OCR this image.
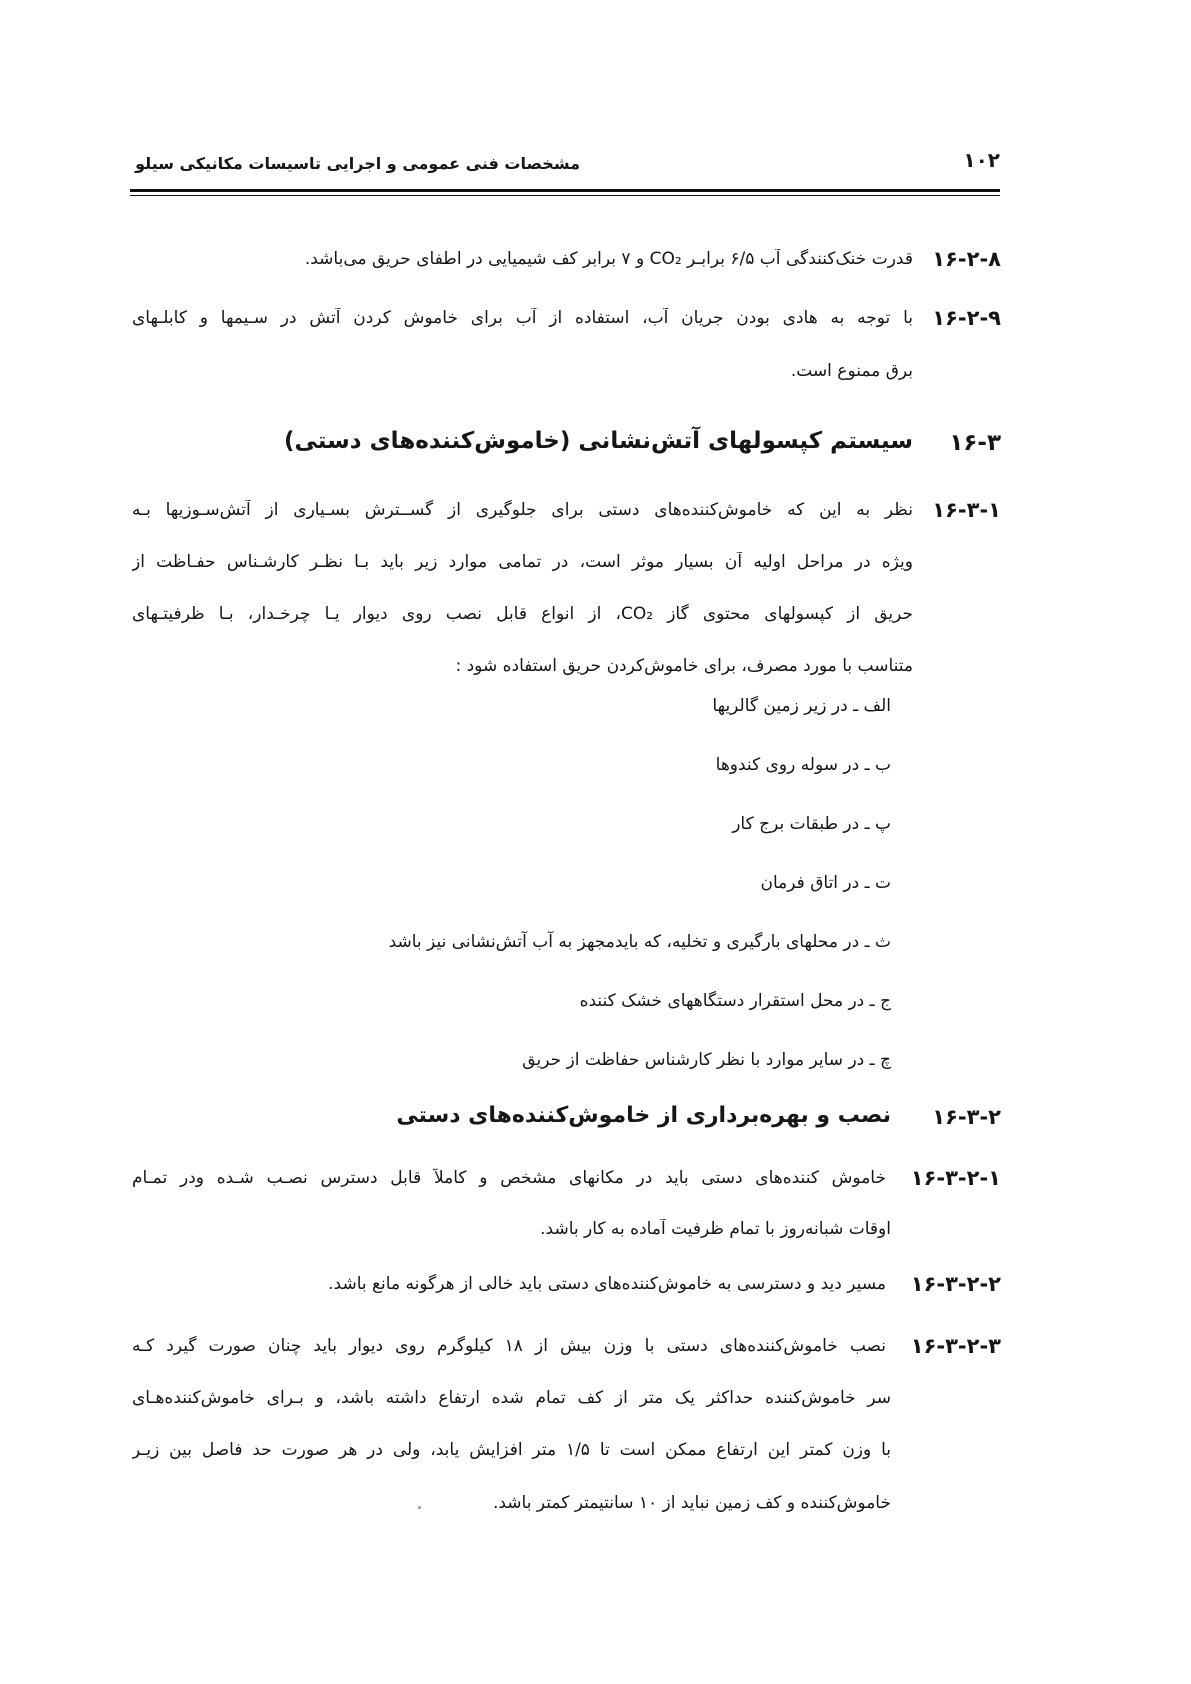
مشخصات فنی عمومی و اجرایی تاسیسات مکانیکی سیلو	۱۰۲
۱۶-۲-۸
قدرت خنک‌کنندگی آب ۶/۵ برابـر CO₂ و ۷ برابر کف شیمیایی در اطفای حریق می‌باشد.
۱۶-۲-۹
با توجه به هادی بودن جریان آب، استفاده از آب برای خاموش کردن آتش در سـیمها و کابلـهای
برق ممنوع است.
۱۶-۳
سیستم کپسولهای آتش‌نشانی (خاموش‌کننده‌های دستی)
۱۶-۳-۱
نظر به این که خاموش‌کننده‌های دستی برای جلوگیری از گســترش بسـیاری از آتش‌سـوزیها بـه
ویژه در مراحل اولیه آن بسیار موثر است، در تمامی موارد زیر باید بـا نظـر کارشـناس حفـاظت از
حریق از کپسولهای محتوی گاز CO₂، از انواع قابل نصب روی دیوار یـا چرخـدار، بـا ظرفیتـهای
متناسب با مورد مصرف، برای خاموش‌کردن حریق استفاده شود :
الف ـ در زیر زمین گالریها
ب ـ در سوله روی کندوها
پ ـ در طبقات برج کار
ت ـ در اتاق فرمان
ث ـ در محلهای بارگیری و تخلیه، که بایدمجهز به آب آتش‌نشانی نیز باشد
ج ـ در محل استقرار دستگاههای خشک کننده
چ ـ در سایر موارد با نظر کارشناس حفاظت از حریق
۱۶-۳-۲
نصب و بهره‌برداری از خاموش‌کننده‌های دستی
۱۶-۳-۲-۱
خاموش کننده‌های دستی باید در مکانهای مشخص و کاملاً قابل دسترس نصـب شـده ودر تمـام
اوقات شبانه‌روز با تمام ظرفیت آماده به کار باشد.
۱۶-۳-۲-۲
مسیر دید و دسترسی به خاموش‌کننده‌های دستی باید خالی از هرگونه مانع باشد.
۱۶-۳-۲-۳
نصب خاموش‌کننده‌های دستی با وزن بیش از ۱۸ کیلوگرم روی دیوار باید چنان صورت گیرد کـه
سر خاموش‌کننده حداکثر یک متر از کف تمام شده ارتفاع داشته باشد، و بـرای خاموش‌کننده‌هـای
با وزن کمتر این ارتفاع ممکن است تا ۱/۵ متر افزایش یابد، ولی در هر صورت حد فاصل بین زیـر
خاموش‌کننده و کف زمین نباید از ۱۰ سانتیمتر کمتر باشد.
